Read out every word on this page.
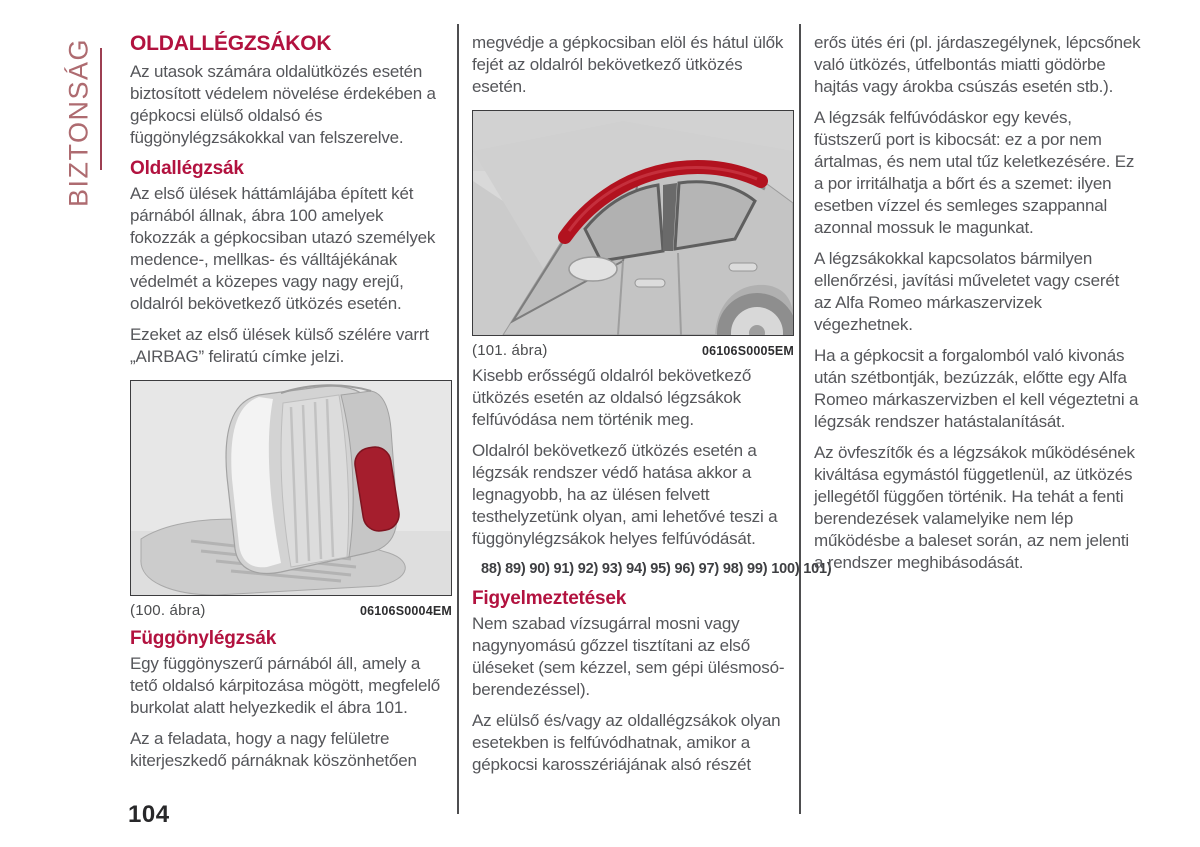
BIZTONSÁG OLDALLÉGZSÁKOK

Az utasok számára oldalütközés esetén biztosított védelem növelése érdekében a gépkocsi elülső oldalsó és függönylégzsákokkal van felszerelve.

Oldallégzsák

Az első ülések háttámlájába épített két párnából állnak, ábra 100 amelyek fokozzák a gépkocsiban utazó személyek medence-, mellkas- és válltájékának védelmét a közepes vagy nagy erejű, oldalról bekövetkező ütközés esetén.

Ezeket az első ülések külső szélére varrt „AIRBAG” feliratú címke jelzi.

(100. ábra)	06106S0004EM
Függönylégzsák

Egy függönyszerű párnából áll, amely a tető oldalsó kárpitozása mögött, megfelelő burkolat alatt helyezkedik el ábra 101.

Az a feladata, hogy a nagy felületre kiterjeszkedő párnáknak köszönhetően

megvédje a gépkocsiban elöl és hátul ülők fejét az oldalról bekövetkező ütközés esetén.

(101. ábra)	06106S0005EM

Kisebb erősségű oldalról bekövetkező ütközés esetén az oldalsó légzsákok felfúvódása nem történik meg.

Oldalról bekövetkező ütközés esetén a légzsák rendszer védő hatása akkor a legnagyobb, ha az ülésen felvett testhelyzetünk olyan, ami lehetővé teszi a függönylégzsákok helyes felfúvódását.

88) 89) 90) 91) 92) 93) 94) 95) 96) 97) 98) 99) 100) 101)
Figyelmeztetések

Nem szabad vízsugárral mosni vagy nagynyomású gőzzel tisztítani az első üléseket (sem kézzel, sem gépi ülésmosó-berendezéssel).

Az elülső és/vagy az oldallégzsákok olyan esetekben is felfúvódhatnak, amikor a gépkocsi karosszériájának alsó részét

erős ütés éri (pl. járdaszegélynek, lépcsőnek való ütközés, útfelbontás miatti gödörbe hajtás vagy árokba csúszás esetén stb.).

A légzsák felfúvódáskor egy kevés, füstszerű port is kibocsát: ez a por nem ártalmas, és nem utal tűz keletkezésére. Ez a por irritálhatja a bőrt és a szemet: ilyen esetben vízzel és semleges szappannal azonnal mossuk le magunkat.

A légzsákokkal kapcsolatos bármilyen ellenőrzési, javítási műveletet vagy cserét az Alfa Romeo márkaszervizek végezhetnek.

Ha a gépkocsit a forgalomból való kivonás után szétbontják, bezúzzák, előtte egy Alfa Romeo márkaszervizben el kell végeztetni a légzsák rendszer hatástalanítását.

Az övfeszítők és a légzsákok működésének kiváltása egymástól függetlenül, az ütközés jellegétől függően történik. Ha tehát a fenti berendezések valamelyike nem lép működésbe a baleset során, az nem jelenti a rendszer meghibásodását.

104
